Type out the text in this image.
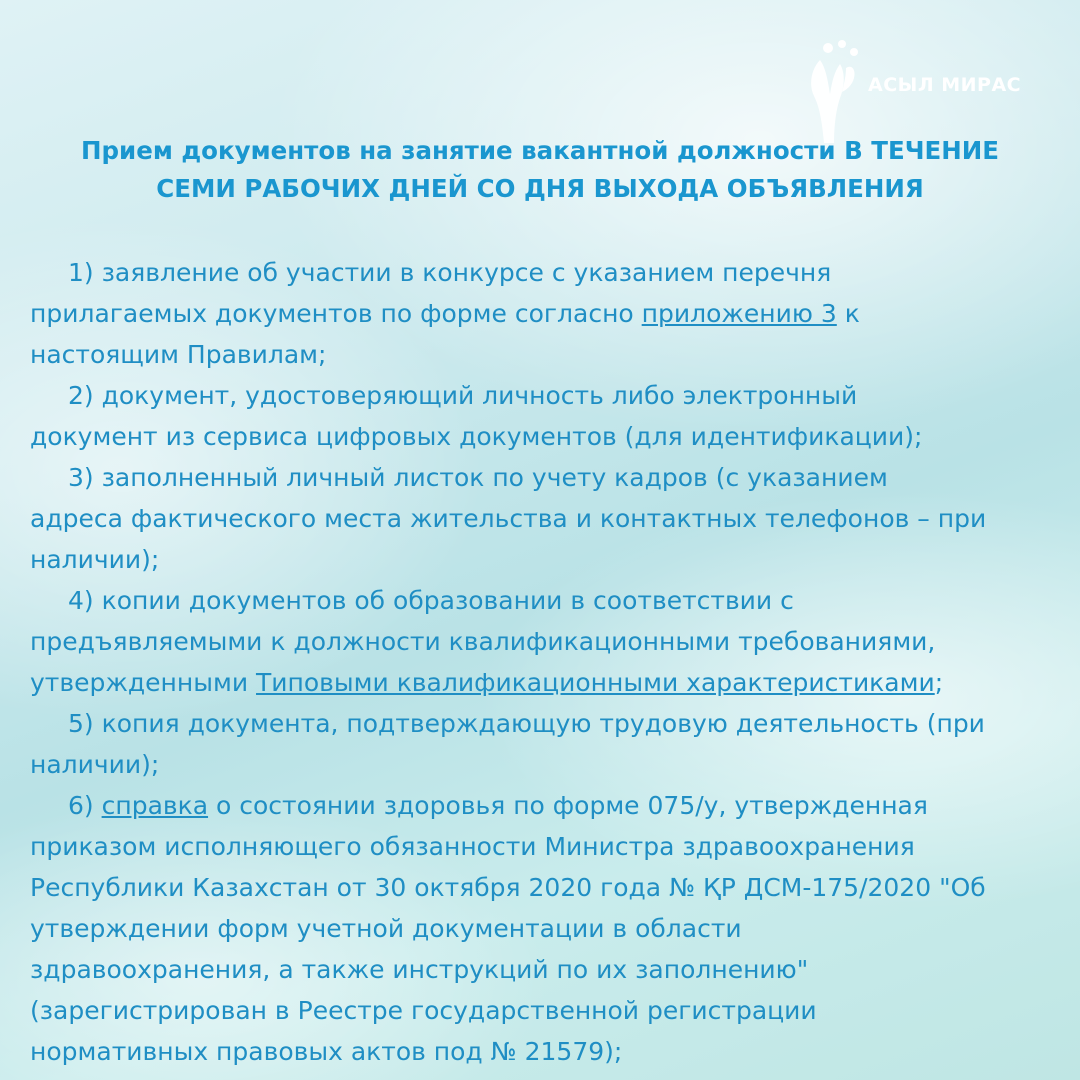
АСЫЛ МИРАС
Прием документов на занятие вакантной должности В ТЕЧЕНИЕ
СЕМИ РАБОЧИХ ДНЕЙ СО ДНЯ ВЫХОДА ОБЪЯВЛЕНИЯ
1) заявление об участии в конкурсе с указанием перечня
прилагаемых документов по форме согласно приложению 3 к
настоящим Правилам;
2) документ, удостоверяющий личность либо электронный
документ из сервиса цифровых документов (для идентификации);
3) заполненный личный листок по учету кадров (с указанием
адреса фактического места жительства и контактных телефонов – при
наличии);
4) копии документов об образовании в соответствии с
предъявляемыми к должности квалификационными требованиями,
утвержденными Типовыми квалификационными характеристиками;
5) копия документа, подтверждающую трудовую деятельность (при
наличии);
6) справка о состоянии здоровья по форме 075/у, утвержденная
приказом исполняющего обязанности Министра здравоохранения
Республики Казахстан от 30 октября 2020 года № ҚР ДСМ-175/2020 "Об
утверждении форм учетной документации в области
здравоохранения, а также инструкций по их заполнению"
(зарегистрирован в Реестре государственной регистрации
нормативных правовых актов под № 21579);
